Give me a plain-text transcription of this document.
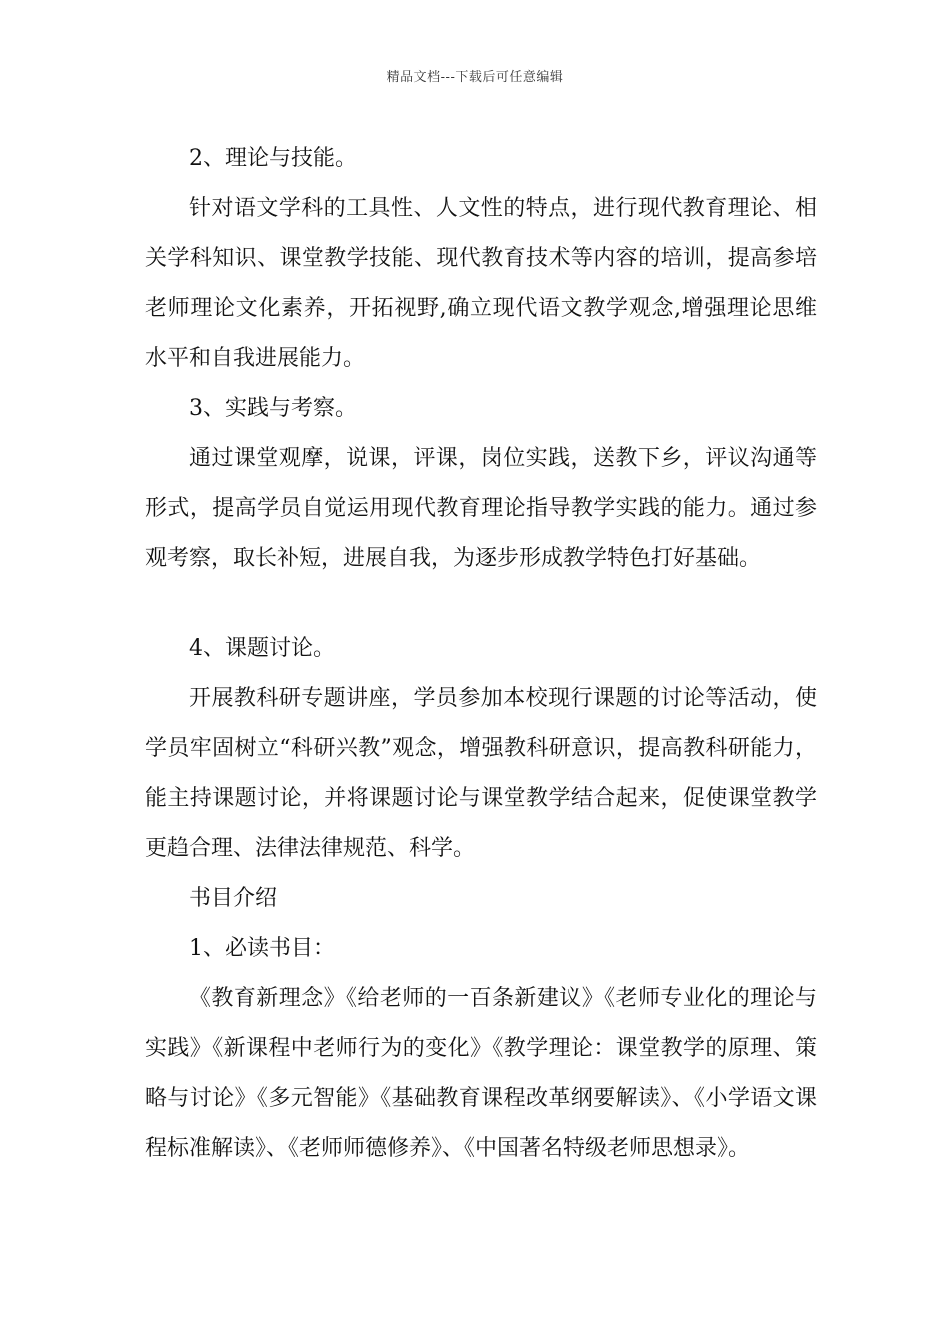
精品文档---下载后可任意编辑

2、理论与技能。

针对语文学科的工具性、人文性的特点，进行现代教育理论、相关学科知识、课堂教学技能、现代教育技术等内容的培训，提高参培老师理论文化素养，开拓视野,确立现代语文教学观念,增强理论思维水平和自我进展能力。

3、实践与考察。

通过课堂观摩，说课，评课，岗位实践，送教下乡，评议沟通等形式，提高学员自觉运用现代教育理论指导教学实践的能力。通过参观考察，取长补短，进展自我，为逐步形成教学特色打好基础。

4、课题讨论。

开展教科研专题讲座，学员参加本校现行课题的讨论等活动，使学员牢固树立“科研兴教”观念，增强教科研意识，提高教科研能力，能主持课题讨论，并将课题讨论与课堂教学结合起来，促使课堂教学更趋合理、法律法律规范、科学。

书目介绍

1、必读书目：

《教育新理念》《给老师的一百条新建议》《老师专业化的理论与实践》《新课程中老师行为的变化》《教学理论：课堂教学的原理、策略与讨论》《多元智能》《基础教育课程改革纲要解读》、《小学语文课程标准解读》、《老师师德修养》、《中国著名特级老师思想录》。
